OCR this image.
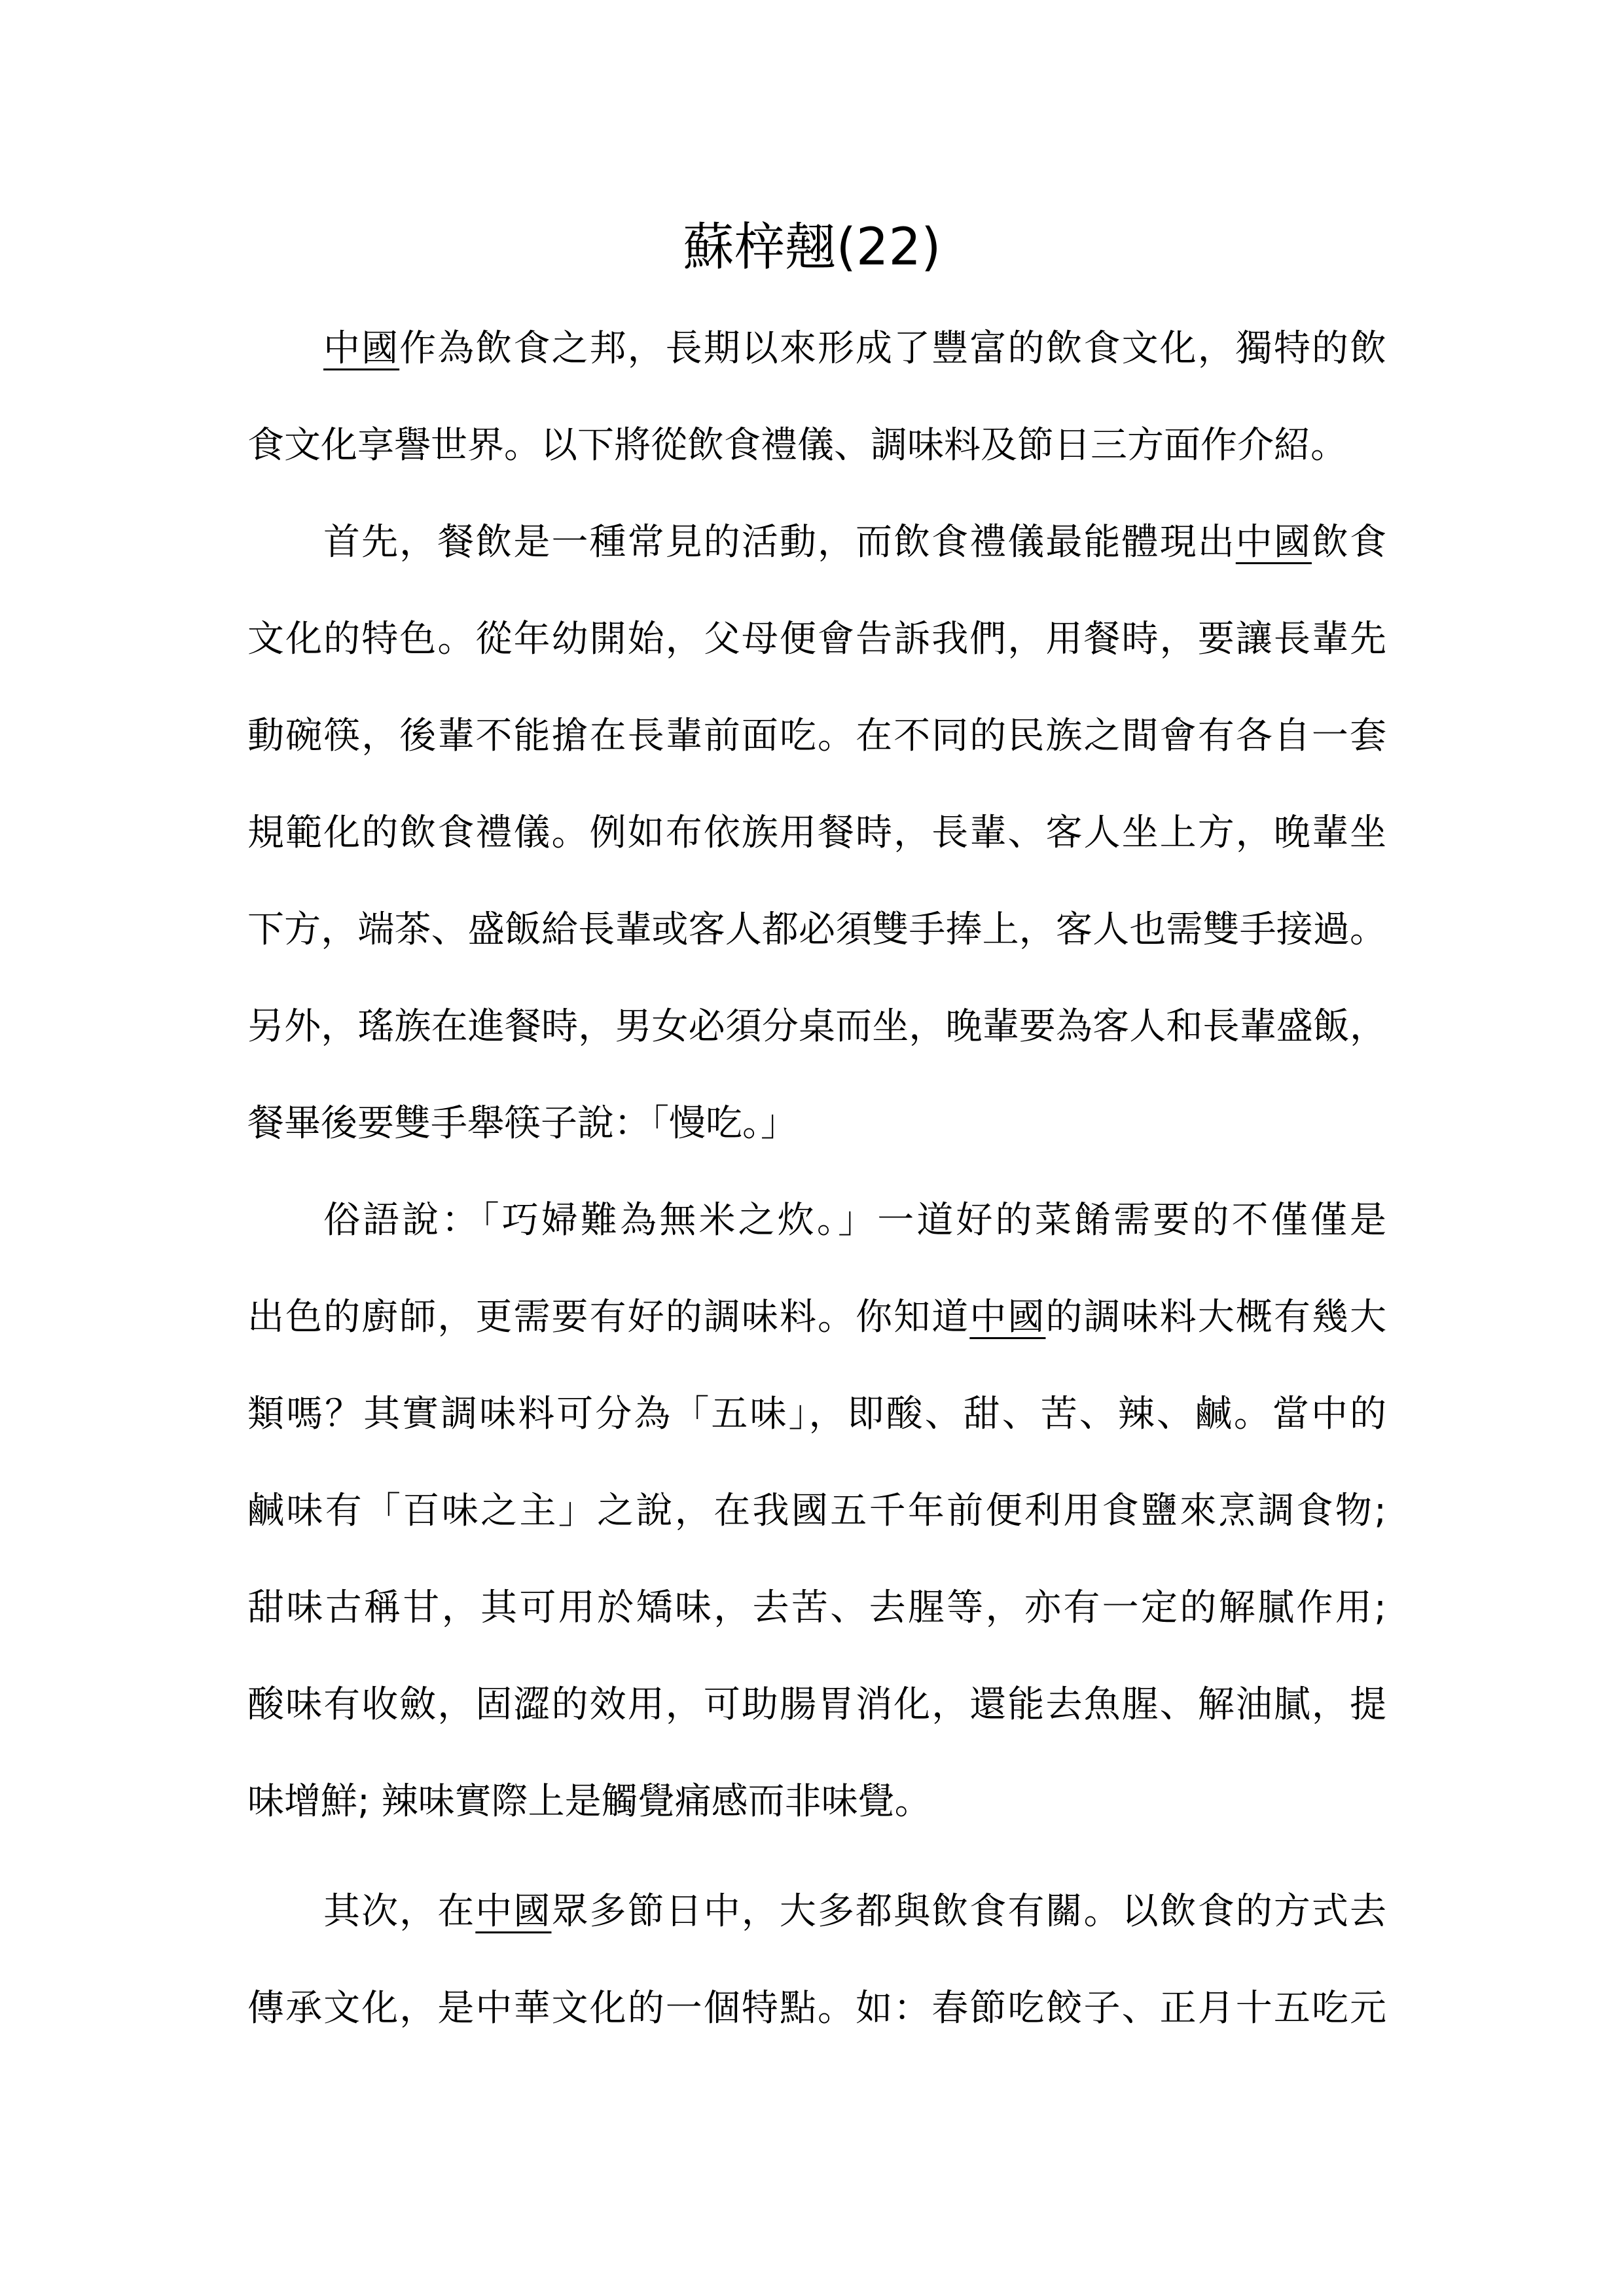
蘇梓翹(22)

中國作為飲食之邦，長期以來形成了豐富的飲食文化，獨特的飲

食文化享譽世界。以下將從飲食禮儀、調味料及節日三方面作介紹。

首先，餐飲是一種常見的活動，而飲食禮儀最能體現出中國飲食

文化的特色。從年幼開始，父母便會告訴我們，用餐時，要讓長輩先

動碗筷，後輩不能搶在長輩前面吃。在不同的民族之間會有各自一套

規範化的飲食禮儀。例如布依族用餐時，長輩、客人坐上方，晚輩坐

下方，端茶、盛飯給長輩或客人都必須雙手捧上，客人也需雙手接過。

另外，瑤族在進餐時，男女必須分桌而坐，晚輩要為客人和長輩盛飯，

餐畢後要雙手舉筷子說：「慢吃。」

俗語說：「巧婦難為無米之炊。」一道好的菜餚需要的不僅僅是

出色的廚師，更需要有好的調味料。你知道中國的調味料大概有幾大

類嗎？其實調味料可分為「五味」，即酸、甜、苦、辣、鹹。當中的

鹹味有「百味之主」之說，在我國五千年前便利用食鹽來烹調食物;

甜味古稱甘，其可用於矯味，去苦、去腥等，亦有一定的解膩作用;

酸味有收斂，固澀的效用，可助腸胃消化，還能去魚腥、解油膩，提

味增鮮; 辣味實際上是觸覺痛感而非味覺。

其次，在中國眾多節日中，大多都與飲食有關。以飲食的方式去

傳承文化，是中華文化的一個特點。如：春節吃餃子、正月十五吃元
